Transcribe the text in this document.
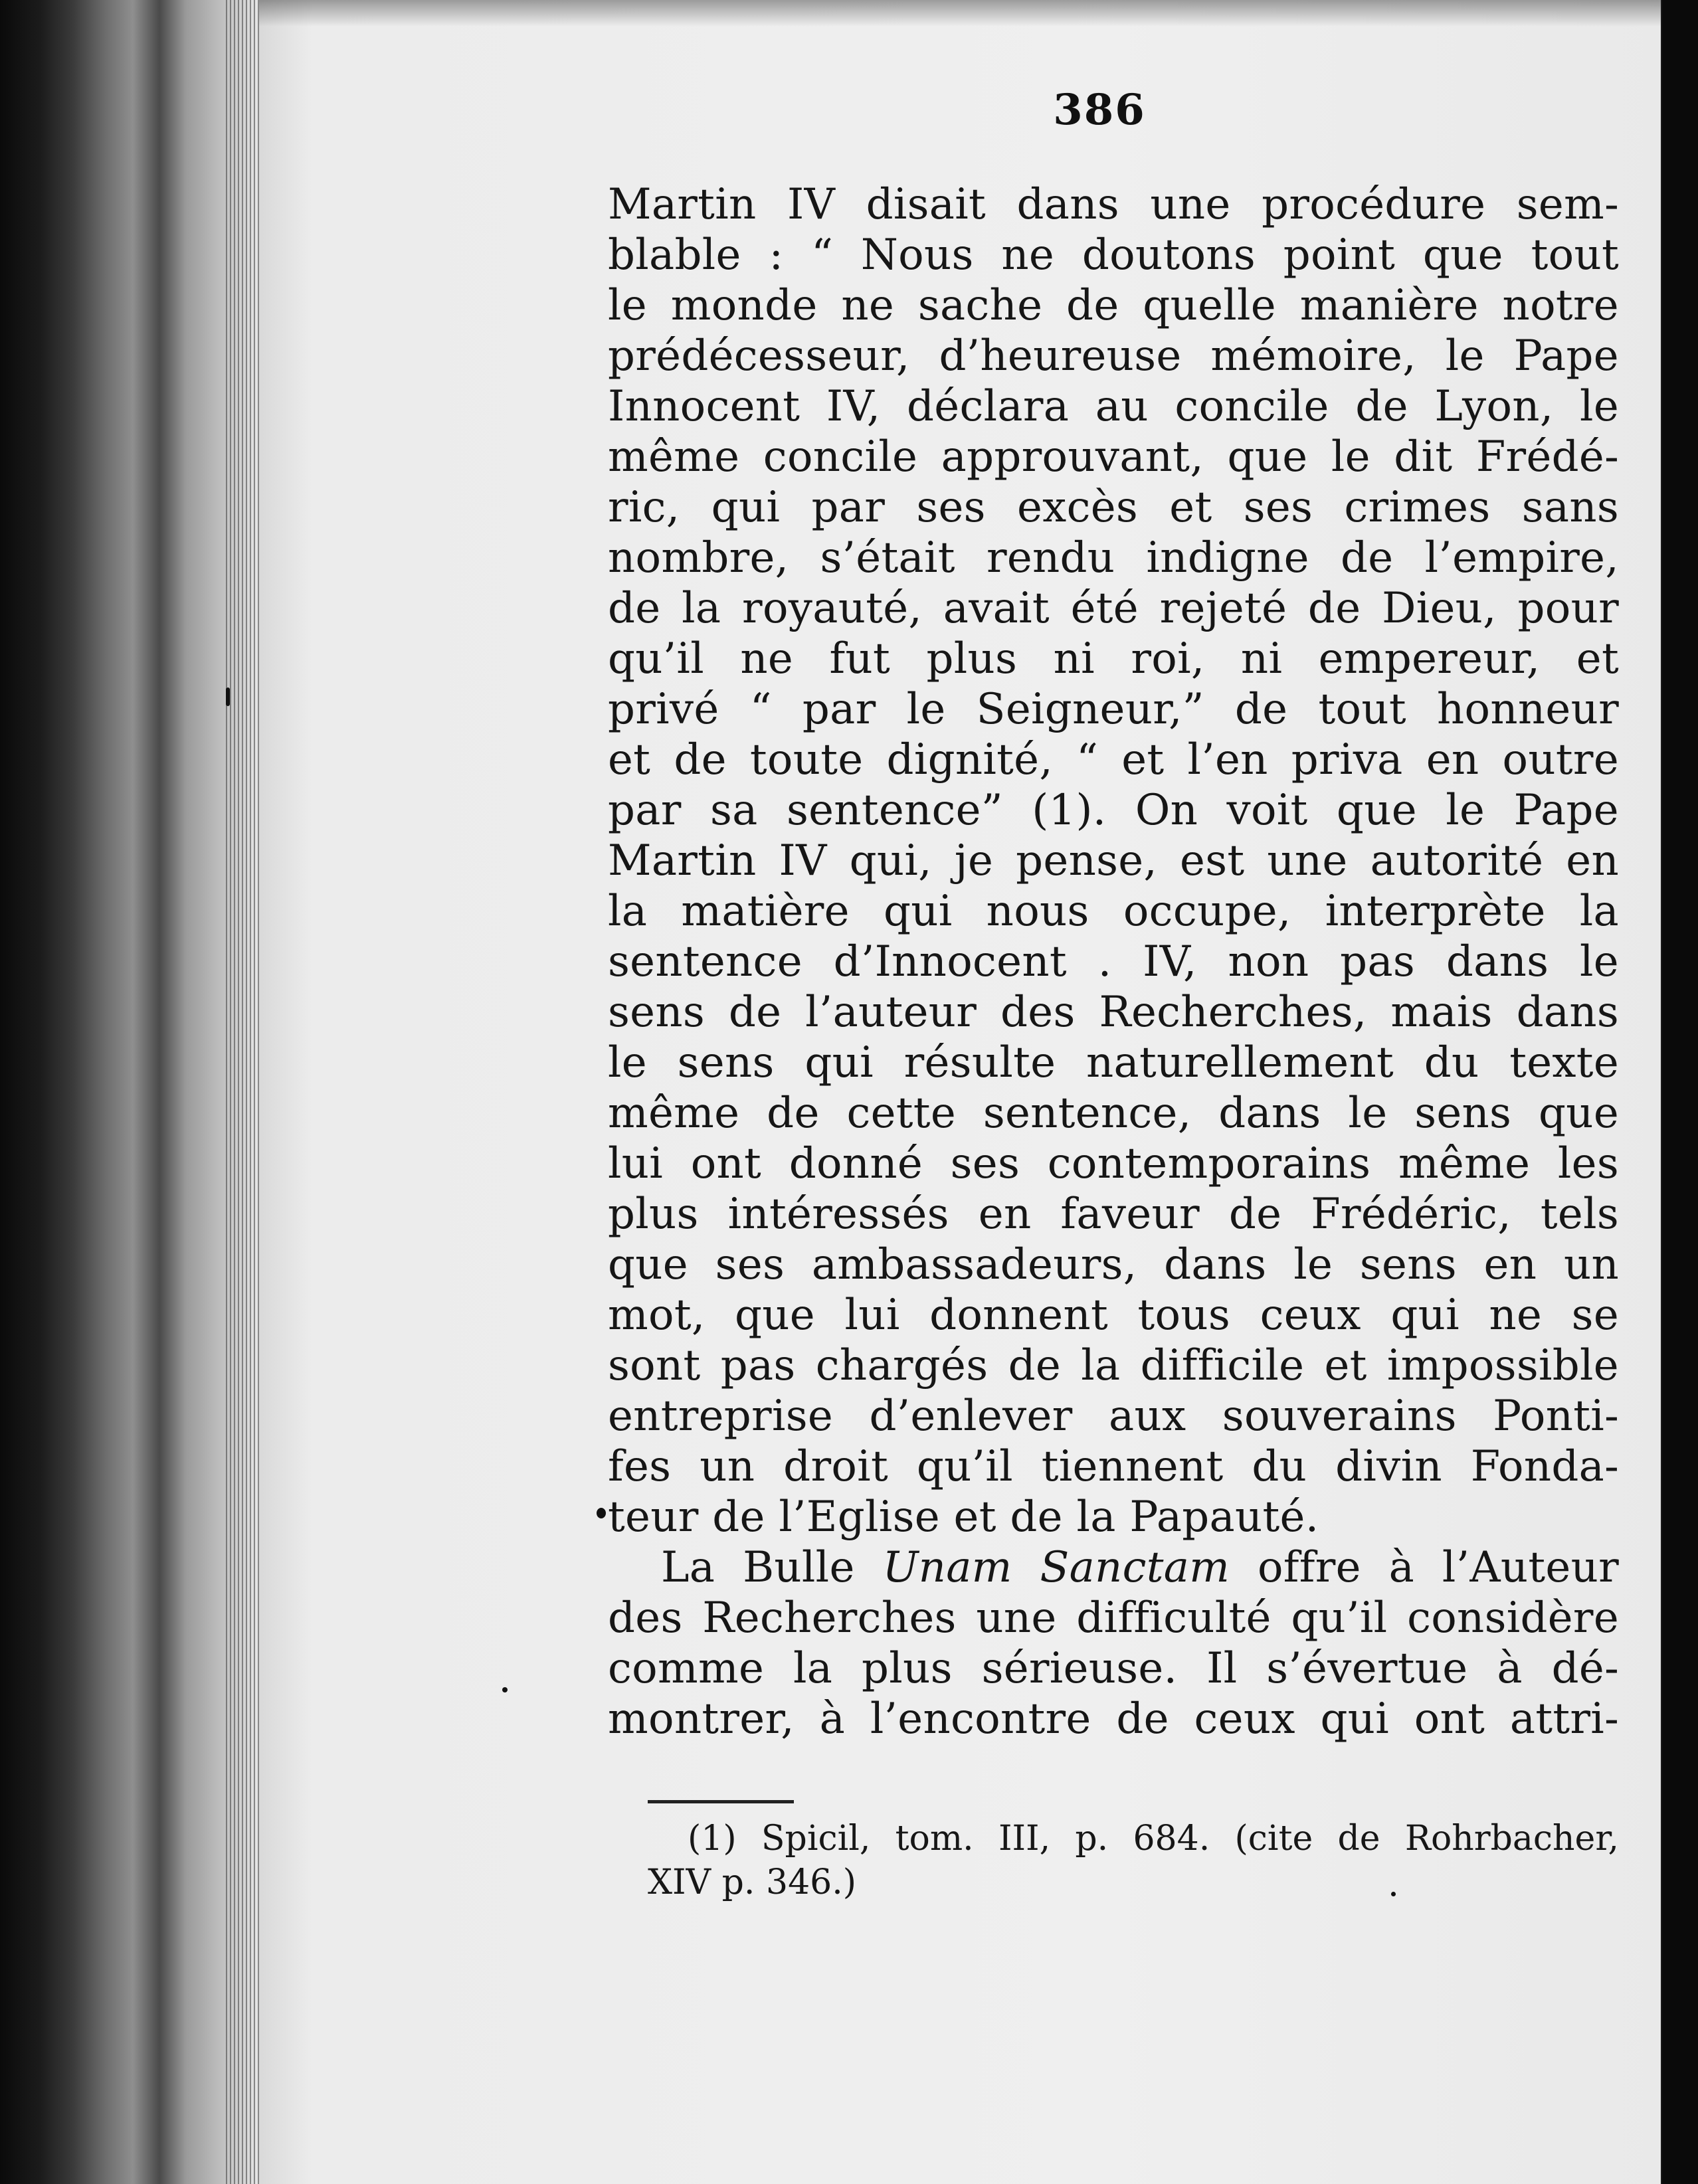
386
Martin IV disait dans une procédure sem-
blable : “ Nous ne doutons point que tout
le monde ne sache de quelle manière notre
prédécesseur, d’heureuse mémoire, le Pape
Innocent IV, déclara au concile de Lyon, le
même concile approuvant, que le dit Frédé-
ric, qui par ses excès et ses crimes sans
nombre, s’était rendu indigne de l’empire,
de la royauté, avait été rejeté de Dieu, pour
qu’il ne fut plus ni roi, ni empereur, et
privé “ par le Seigneur,” de tout honneur
et de toute dignité, “ et l’en priva en outre
par sa sentence” (1). On voit que le Pape
Martin IV qui, je pense, est une autorité en
la matière qui nous occupe, interprète la
sentence d’Innocent . IV, non pas dans le
sens de l’auteur des Recherches, mais dans
le sens qui résulte naturellement du texte
même de cette sentence, dans le sens que
lui ont donné ses contemporains même les
plus intéressés en faveur de Frédéric, tels
que ses ambassadeurs, dans le sens en un
mot, que lui donnent tous ceux qui ne se
sont pas chargés de la difficile et impossible
entreprise d’enlever aux souverains Ponti-
fes un droit qu’il tiennent du divin Fonda-
teur de l’Eglise et de la Papauté.
La Bulle Unam Sanctam offre à l’Auteur
des Recherches une difficulté qu’il considère
comme la plus sérieuse. Il s’évertue à dé-
montrer, à l’encontre de ceux qui ont attri-
(1) Spicil, tom. III, p. 684. (cite de Rohrbacher,
XIV p. 346.)
